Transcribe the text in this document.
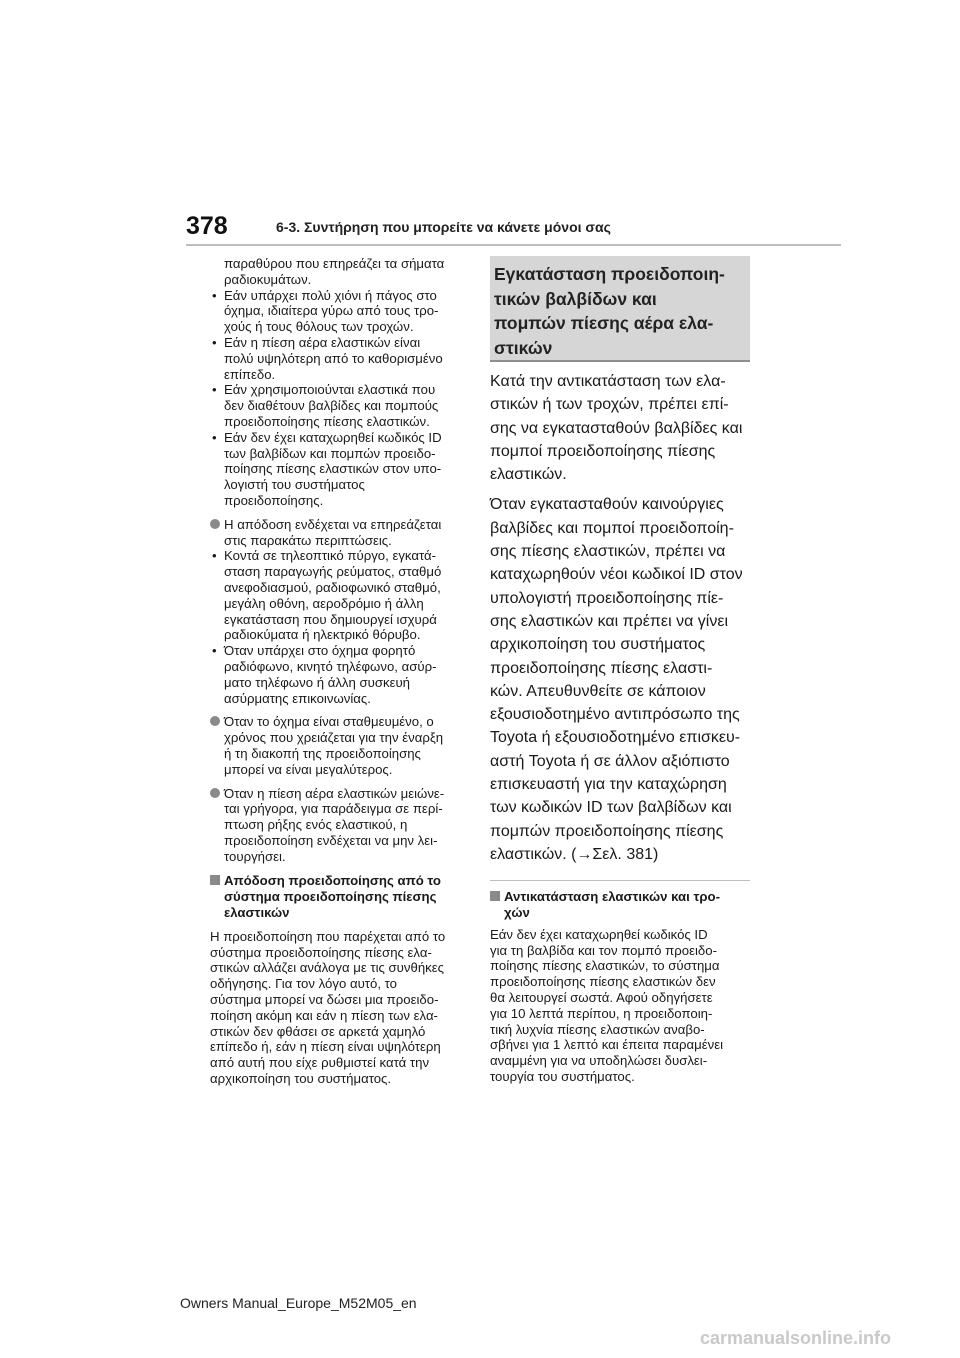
378	6-3. Συντήρηση που μπορείτε να κάνετε μόνοι σας

παραθύρου που επηρεάζει τα σήματα

ραδιοκυμάτων.

• Εάν υπάρχει πολύ χιόνι ή πάγος στο

όχημα, ιδιαίτερα γύρω από τους τρο-

χούς ή τους θόλους των τροχών.

• Εάν η πίεση αέρα ελαστικών είναι

πολύ υψηλότερη από το καθορισμένο

επίπεδο.

• Εάν χρησιμοποιούνται ελαστικά που

δεν διαθέτουν βαλβίδες και πομπούς

προειδοποίησης πίεσης ελαστικών.

• Εάν δεν έχει καταχωρηθεί κωδικός ID

των βαλβίδων και πομπών προειδο-

ποίησης πίεσης ελαστικών στον υπο-

λογιστή του συστήματος

προειδοποίησης.

Η απόδοση ενδέχεται να επηρεάζεται

στις παρακάτω περιπτώσεις.

• Κοντά σε τηλεοπτικό πύργο, εγκατά-

σταση παραγωγής ρεύματος, σταθμό

ανεφοδιασμού, ραδιοφωνικό σταθμό,

μεγάλη οθόνη, αεροδρόμιο ή άλλη

εγκατάσταση που δημιουργεί ισχυρά

ραδιοκύματα ή ηλεκτρικό θόρυβο.

• Όταν υπάρχει στο όχημα φορητό

ραδιόφωνο, κινητό τηλέφωνο, ασύρ-

ματο τηλέφωνο ή άλλη συσκευή

ασύρματης επικοινωνίας.

Όταν το όχημα είναι σταθμευμένο, ο

χρόνος που χρειάζεται για την έναρξη

ή τη διακοπή της προειδοποίησης

μπορεί να είναι μεγαλύτερος.

Όταν η πίεση αέρα ελαστικών μειώνε-

ται γρήγορα, για παράδειγμα σε περί-

πτωση ρήξης ενός ελαστικού, η

προειδοποίηση ενδέχεται να μην λει-

τουργήσει.

Απόδοση προειδοποίησης από το

σύστημα προειδοποίησης πίεσης

ελαστικών

Η προειδοποίηση που παρέχεται από το

σύστημα προειδοποίησης πίεσης ελα-

στικών αλλάζει ανάλογα με τις συνθήκες

οδήγησης. Για τον λόγο αυτό, το

σύστημα μπορεί να δώσει μια προειδο-

ποίηση ακόμη και εάν η πίεση των ελα-

στικών δεν φθάσει σε αρκετά χαμηλό

επίπεδο ή, εάν η πίεση είναι υψηλότερη

από αυτή που είχε ρυθμιστεί κατά την

αρχικοποίηση του συστήματος.

Εγκατάσταση προειδοποιη-

τικών βαλβίδων και

πομπών πίεσης αέρα ελα-

στικών

Κατά την αντικατάσταση των ελα-
στικών ή των τροχών, πρέπει επί-
σης να εγκατασταθούν βαλβίδες και
πομποί προειδοποίησης πίεσης
ελαστικών.

Όταν εγκατασταθούν καινούργιες
βαλβίδες και πομποί προειδοποίη-
σης πίεσης ελαστικών, πρέπει να
καταχωρηθούν νέοι κωδικοί ID στον
υπολογιστή προειδοποίησης πίε-
σης ελαστικών και πρέπει να γίνει
αρχικοποίηση του συστήματος
προειδοποίησης πίεσης ελαστι-
κών. Απευθυνθείτε σε κάποιον
εξουσιοδοτημένο αντιπρόσωπο της
Toyota ή εξουσιοδοτημένο επισκευ-
αστή Toyota ή σε άλλον αξιόπιστο
επισκευαστή για την καταχώρηση
των κωδικών ID των βαλβίδων και
πομπών προειδοποίησης πίεσης
ελαστικών. (→Σελ. 381)

Αντικατάσταση ελαστικών και τρο-

χών

Εάν δεν έχει καταχωρηθεί κωδικός ID

για τη βαλβίδα και τον πομπό προειδο-

ποίησης πίεσης ελαστικών, το σύστημα

προειδοποίησης πίεσης ελαστικών δεν

θα λειτουργεί σωστά. Αφού οδηγήσετε

για 10 λεπτά περίπου, η προειδοποιη-

τική λυχνία πίεσης ελαστικών αναβο-

σβήνει για 1 λεπτό και έπειτα παραμένει

αναμμένη για να υποδηλώσει δυσλει-

τουργία του συστήματος.

Owners Manual_Europe_M52M05_en
carmanualsonline.info
